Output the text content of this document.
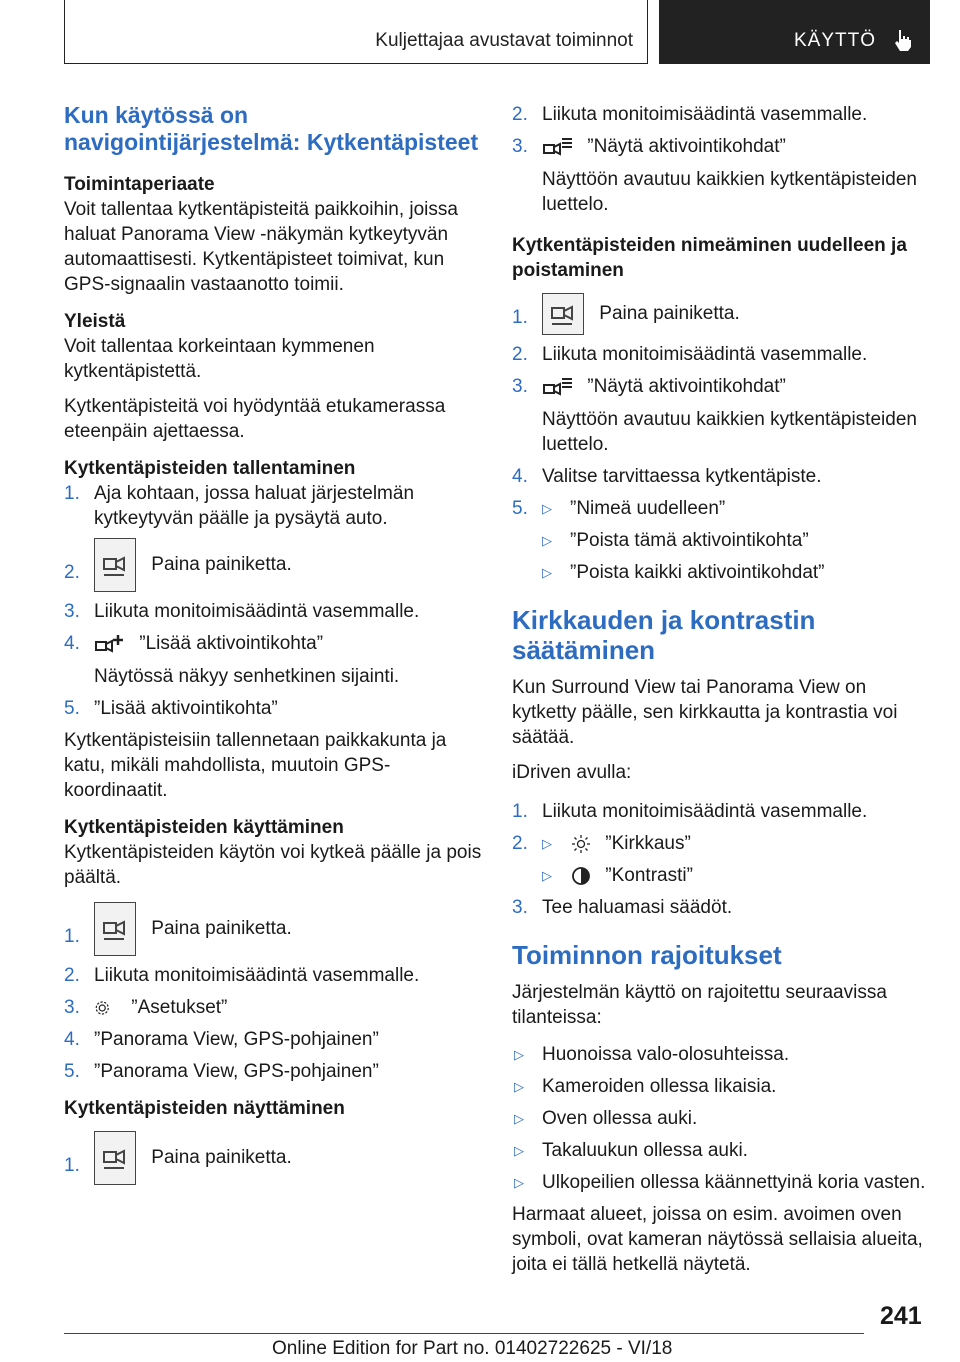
Kuljettajaa avustavat toiminnot	KÄYTTÖ
Kun käytössä on navigointijärjestelmä: Kytkentäpisteet
Toimintaperiaate

Voit tallentaa kytkentäpisteitä paikkoihin, joissa haluat Panorama View -näkymän kytkeytyvän automaattisesti. Kytkentäpisteet toimivat, kun GPS-signaalin vastaanotto toimii.

Yleistä

Voit tallentaa korkeintaan kymmenen kytkentäpistettä.

Kytkentäpisteitä voi hyödyntää etukamerassa eteenpäin ajettaessa.

Kytkentäpisteiden tallentaminen
1. Aja kohtaan, jossa haluat järjestelmän kytkeytyvän päälle ja pysäytä auto.
2.	Paina painiketta.
3. Liikuta monitoimisäädintä vasemmalle.
4.	”Lisää aktivointikohta”
Näytössä näkyy senhetkinen sijainti.
5. ”Lisää aktivointikohta”

Kytkentäpisteisiin tallennetaan paikkakunta ja katu, mikäli mahdollista, muutoin GPS-koordinaatit.

Kytkentäpisteiden käyttäminen

Kytkentäpisteiden käytön voi kytkeä päälle ja pois päältä.

1.	Paina painiketta.
2. Liikuta monitoimisäädintä vasemmalle.
3.	”Asetukset”
4. ”Panorama View, GPS-pohjainen”
5. ”Panorama View, GPS-pohjainen”
Kytkentäpisteiden näyttäminen
1.	Paina painiketta.
2. Liikuta monitoimisäädintä vasemmalle.
3.	”Näytä aktivointikohdat”
Näyttöön avautuu kaikkien kytkentäpisteiden luettelo.
Kytkentäpisteiden nimeäminen uudelleen ja poistaminen
1.	Paina painiketta.
2. Liikuta monitoimisäädintä vasemmalle.
3.	”Näytä aktivointikohdat”
Näyttöön avautuu kaikkien kytkentäpisteiden luettelo.
4. Valitse tarvittaessa kytkentäpiste.
5. ▷ ”Nimeä uudelleen”
▷ ”Poista tämä aktivointikohta”
▷ ”Poista kaikki aktivointikohdat”
Kirkkauden ja kontrastin säätäminen

Kun Surround View tai Panorama View on kytketty päälle, sen kirkkautta ja kontrastia voi säätää.

iDriven avulla:

1. Liikuta monitoimisäädintä vasemmalle.
2. ▷	”Kirkkaus”
▷	”Kontrasti”
3. Tee haluamasi säädöt.
Toiminnon rajoitukset

Järjestelmän käyttö on rajoitettu seuraavissa tilanteissa:

▷ Huonoissa valo-olosuhteissa.
▷ Kameroiden ollessa likaisia.
▷ Oven ollessa auki.
▷ Takaluukun ollessa auki.
▷ Ulkopeilien ollessa käännettyinä koria vasten.

Harmaat alueet, joissa on esim. avoimen oven symboli, ovat kameran näytössä sellaisia alueita, joita ei tällä hetkellä näytetä.

241
Online Edition for Part no. 01402722625 - VI/18
